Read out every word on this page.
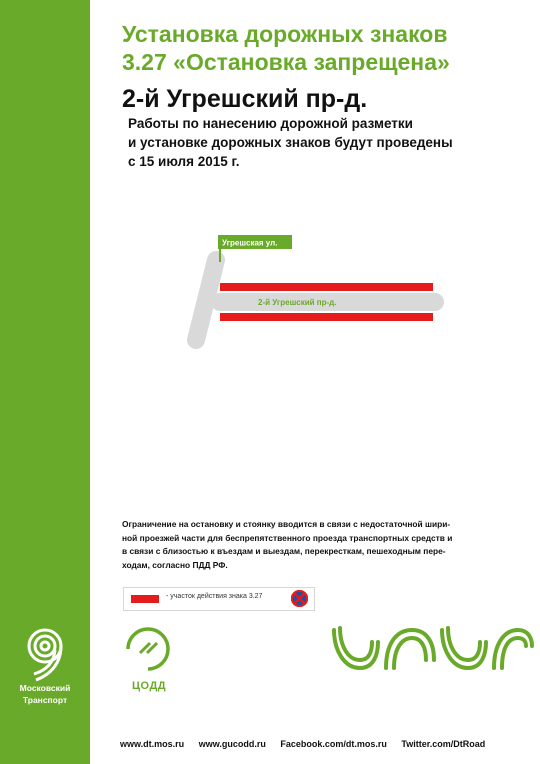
Московский
Транспорт
Установка дорожных знаков
3.27 «Остановка запрещена»
2-й Угрешский пр-д.
Работы по нанесению дорожной разметки
и установке дорожных знаков будут проведены
с 15 июля 2015 г.
Угрешская ул.
2-й Угрешский пр-д.
Ограничение на остановку и стоянку вводится в связи с недостаточной шири-
ной проезжей части для беспрепятственного проезда транспортных средств и
в связи с близостью к въездам и выездам, перекресткам, пешеходным пере-
ходам, согласно ПДД РФ.
- участок действия знака 3.27
ЦОДД
www.dt.mos.ru www.gucodd.ru Facebook.com/dt.mos.ru Twitter.com/DtRoad
